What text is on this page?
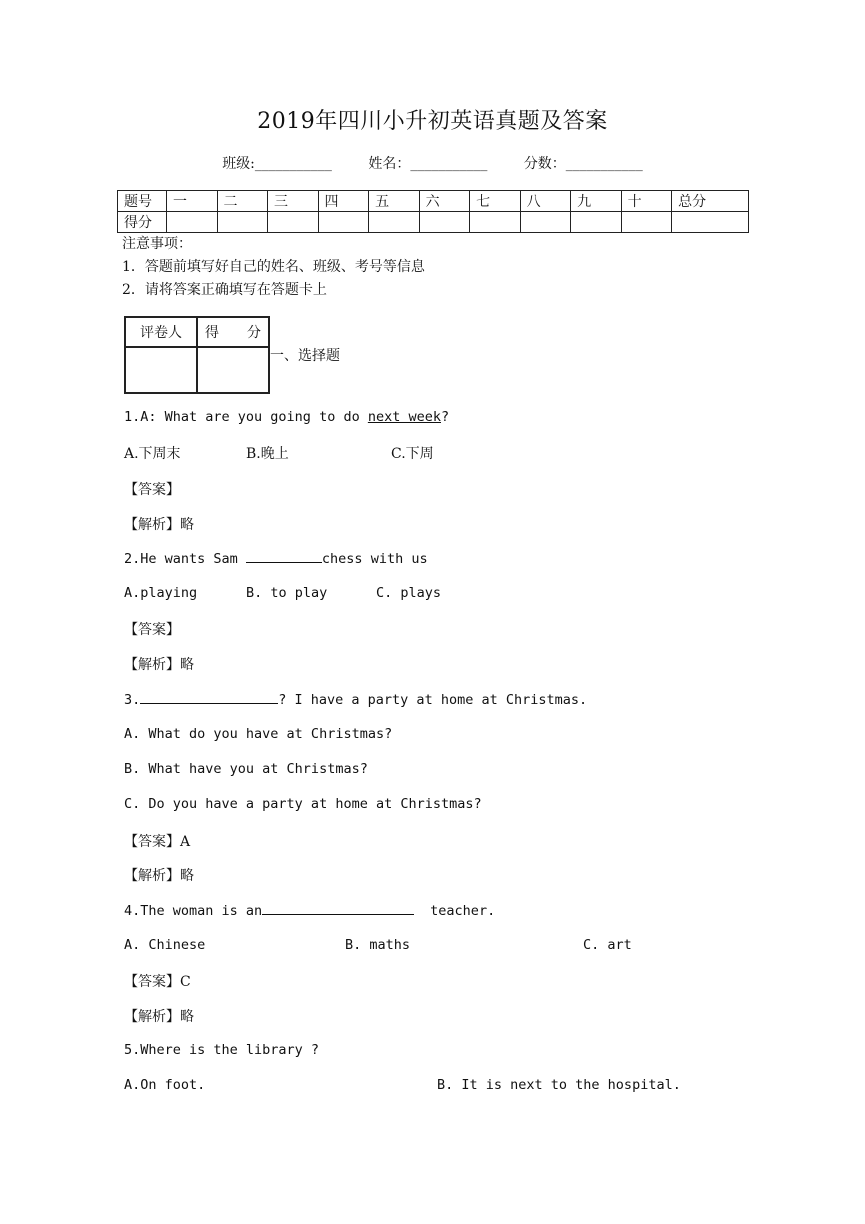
2019年四川小升初英语真题及答案
班级:___________	姓名：___________	分数：___________
题号	一	二	三	四	五	六	七	八	九	十	总分
得分											
注意事项：
1．答题前填写好自己的姓名、班级、考号等信息
2．请将答案正确填写在答题卡上
评卷人	得　　分

一、选择题
1.A: What are you going to do next week?
A.下周末	B.晚上	C.下周
【答案】
【解析】略
2.He wants Sam	chess with us
A.playing	B. to play	C. plays
【答案】
【解析】略
3.	? I have a party at home at Christmas.
A. What do you have at Christmas?
B. What have you at Christmas?
C. Do you have a party at home at Christmas?
【答案】A
【解析】略
4.The woman is an	teacher.
A. Chinese	B. maths	C. art
【答案】C
【解析】略
5.Where is the library ?
A.On foot.	B. It is next to the hospital.
